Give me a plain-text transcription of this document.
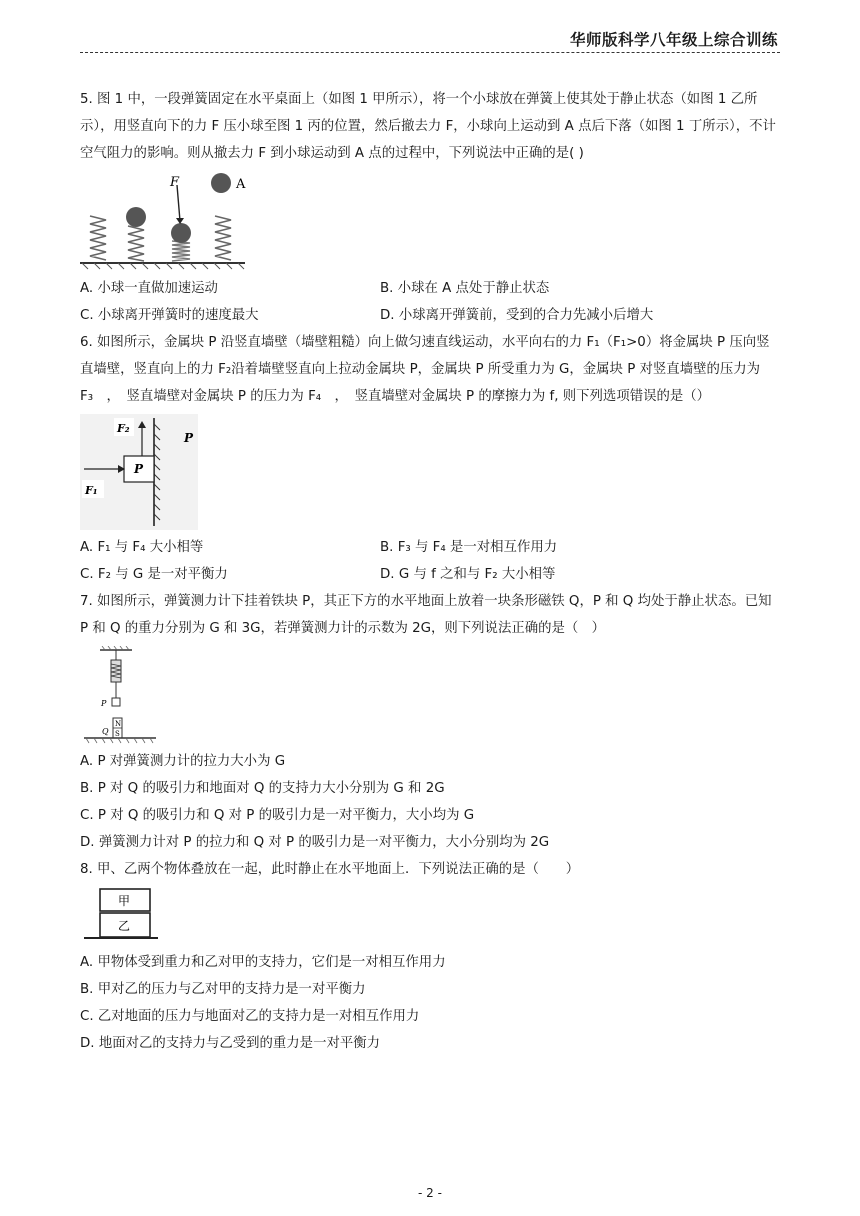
华师版科学八年级上综合训练

5. 图 1 中，一段弹簧固定在水平桌面上（如图 1 甲所示），将一个小球放在弹簧上使其处于静止状态（如图 1 乙所示），用竖直向下的力 F 压小球至图 1 丙的位置，然后撤去力 F，小球向上运动到 A 点后下落（如图 1 丁所示），不计空气阻力的影响。则从撤去力 F 到小球运动到 A 点的过程中，下列说法中正确的是( )

F	A
A. 小球一直做加速运动	B. 小球在 A 点处于静止状态
C. 小球离开弹簧时的速度最大	D. 小球离开弹簧前，受到的合力先减小后增大

6. 如图所示，金属块 P 沿竖直墙壁（墙壁粗糙）向上做匀速直线运动，水平向右的力 F₁（F₁>0）将金属块 P 压向竖直墙壁，竖直向上的力 F₂沿着墙壁竖直向上拉动金属块 P，金属块 P 所受重力为 G，金属块 P 对竖直墙壁的压力为 F₃　，　竖直墙壁对金属块 P 的压力为 F₄　，　竖直墙壁对金属块 P 的摩擦力为 f, 则下列选项错误的是（）

P
F₂
F₁
P
A. F₁ 与 F₄ 大小相等	B. F₃ 与 F₄ 是一对相互作用力
C. F₂ 与 G 是一对平衡力	D. G 与 f 之和与 F₂ 大小相等

7. 如图所示，弹簧测力计下挂着铁块 P，其正下方的水平地面上放着一块条形磁铁 Q，P 和 Q 均处于静止状态。已知 P 和 Q 的重力分别为 G 和 3G，若弹簧测力计的示数为 2G，则下列说法正确的是（　）

P
N
S
Q

A. P 对弹簧测力计的拉力大小为 G

B. P 对 Q 的吸引力和地面对 Q 的支持力大小分别为 G 和 2G

C. P 对 Q 的吸引力和 Q 对 P 的吸引力是一对平衡力，大小均为 G

D. 弹簧测力计对 P 的拉力和 Q 对 P 的吸引力是一对平衡力，大小分别均为 2G

8. 甲、乙两个物体叠放在一起，此时静止在水平地面上．下列说法正确的是（　　）

甲
乙

A. 甲物体受到重力和乙对甲的支持力，它们是一对相互作用力

B. 甲对乙的压力与乙对甲的支持力是一对平衡力

C. 乙对地面的压力与地面对乙的支持力是一对相互作用力

D. 地面对乙的支持力与乙受到的重力是一对平衡力

- 2 -
